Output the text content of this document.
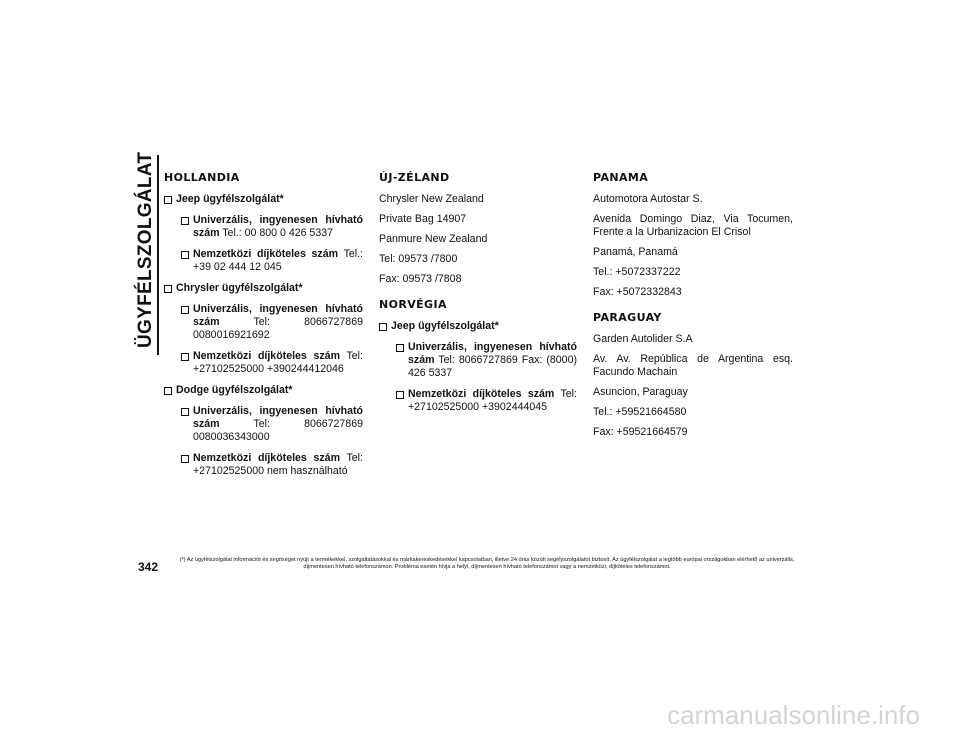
ÜGYFÉLSZOLGÁLAT HOLLANDIA
Jeep ügyfélszolgálat*
Univerzális, ingyenesen hívható szám Tel.: 00 800 0 426 5337
Nemzetközi díjköteles szám Tel.: +39 02 444 12 045
Chrysler ügyfélszolgálat*
Univerzális, ingyenesen hívható szám	Tel: 8066727869 0080016921692
Nemzetközi díjköteles szám Tel: +27102525000 +390244412046
Dodge ügyfélszolgálat*
Univerzális, ingyenesen hívható szám	Tel: 8066727869 0080036343000
Nemzetközi díjköteles szám Tel: +27102525000 nem használható
ÚJ-ZÉLAND
Chrysler New Zealand
Private Bag 14907
Panmure New Zealand
Tel: 09573 /7800
Fax: 09573 /7808
NORVÉGIA
Jeep ügyfélszolgálat*
Univerzális, ingyenesen hívható szám Tel: 8066727869 Fax: (8000) 426 5337
Nemzetközi díjköteles szám Tel: +27102525000 +3902444045
PANAMA
Automotora Autostar S.
Avenida Domingo Diaz, Via Tocumen, Frente a la Urbanizacion El Crisol
Panamá, Panamá
Tel.: +5072337222
Fax: +5072332843
PARAGUAY
Garden Autolider S.A
Av. Av. República de Argentina esq. Facundo Machain
Asuncion, Paraguay
Tel.: +59521664580
Fax: +59521664579
342	(*) Az ügyfélszolgálat információt és segítséget nyújt a termékekkel, szolgáltatásokkal és márkakereskedésekkel kapcsolatban, illetve 24 órás közúti segélyszolgálatot biztosít. Az ügyfélszolgálat a legtöbb európai országokban elérhető az univerzális, díjmentesen hívható telefonszámon. Probléma esetén hívja a helyi, díjmentesen hívható telefonszámot vagy a nemzetközi, díjköteles telefonszámot.
carmanualsonline.info
